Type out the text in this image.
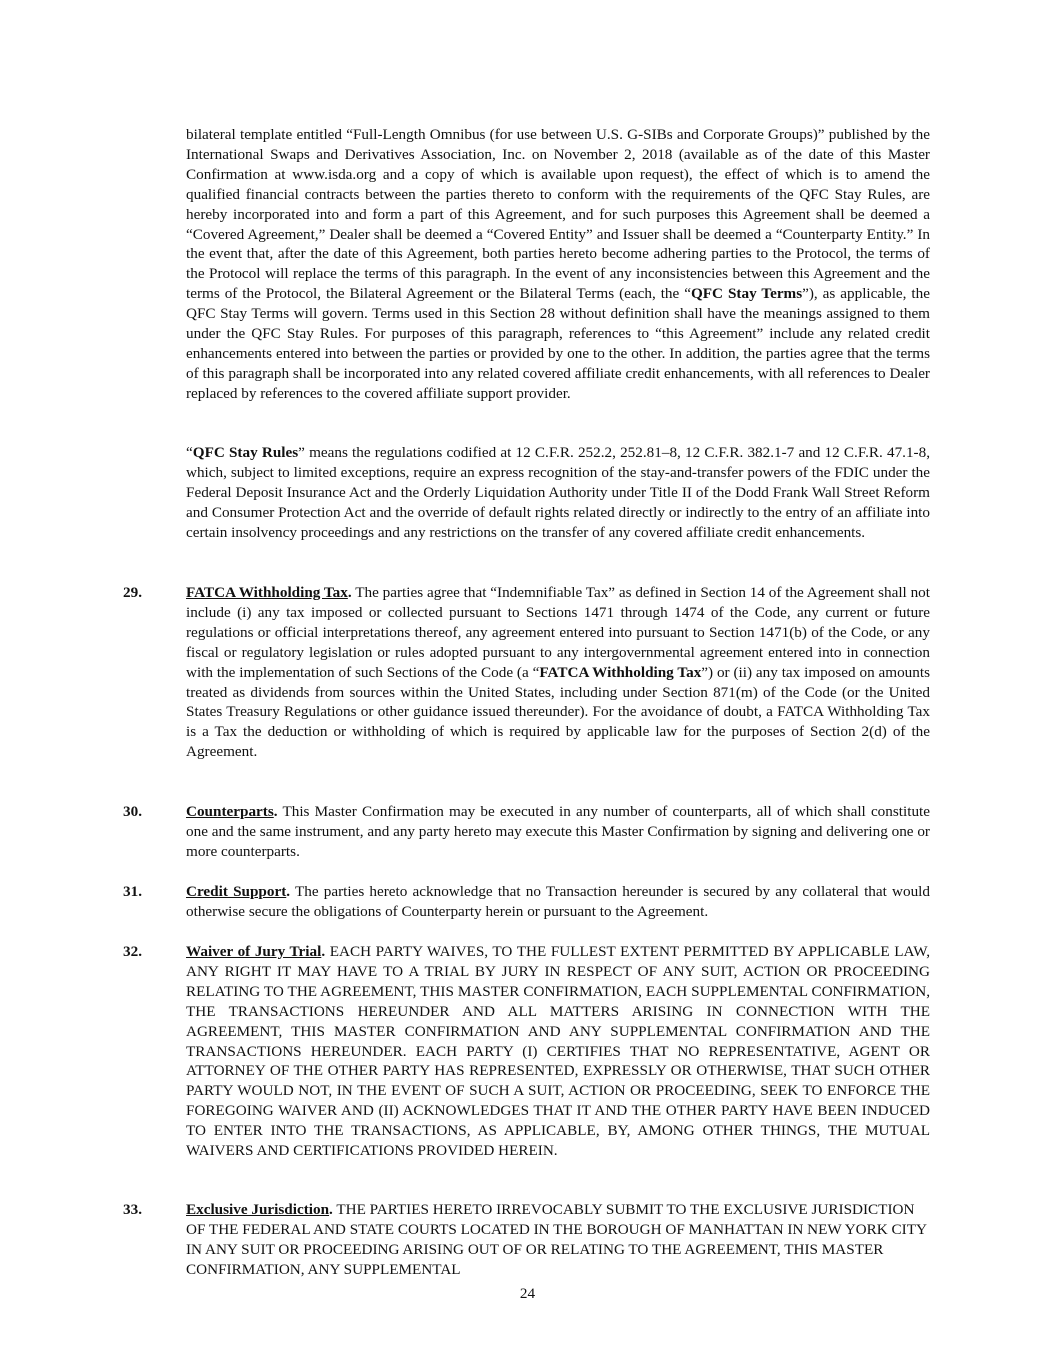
bilateral template entitled “Full-Length Omnibus (for use between U.S. G-SIBs and Corporate Groups)” published by the International Swaps and Derivatives Association, Inc. on November 2, 2018 (available as of the date of this Master Confirmation at www.isda.org and a copy of which is available upon request), the effect of which is to amend the qualified financial contracts between the parties thereto to conform with the requirements of the QFC Stay Rules, are hereby incorporated into and form a part of this Agreement, and for such purposes this Agreement shall be deemed a “Covered Agreement,” Dealer shall be deemed a “Covered Entity” and Issuer shall be deemed a “Counterparty Entity.” In the event that, after the date of this Agreement, both parties hereto become adhering parties to the Protocol, the terms of the Protocol will replace the terms of this paragraph. In the event of any inconsistencies between this Agreement and the terms of the Protocol, the Bilateral Agreement or the Bilateral Terms (each, the “QFC Stay Terms”), as applicable, the QFC Stay Terms will govern. Terms used in this Section 28 without definition shall have the meanings assigned to them under the QFC Stay Rules. For purposes of this paragraph, references to “this Agreement” include any related credit enhancements entered into between the parties or provided by one to the other. In addition, the parties agree that the terms of this paragraph shall be incorporated into any related covered affiliate credit enhancements, with all references to Dealer replaced by references to the covered affiliate support provider.

“QFC Stay Rules” means the regulations codified at 12 C.F.R. 252.2, 252.81–8, 12 C.F.R. 382.1-7 and 12 C.F.R. 47.1-8, which, subject to limited exceptions, require an express recognition of the stay-and-transfer powers of the FDIC under the Federal Deposit Insurance Act and the Orderly Liquidation Authority under Title II of the Dodd Frank Wall Street Reform and Consumer Protection Act and the override of default rights related directly or indirectly to the entry of an affiliate into certain insolvency proceedings and any restrictions on the transfer of any covered affiliate credit enhancements.

29.	FATCA Withholding Tax. The parties agree that “Indemnifiable Tax” as defined in Section 14 of the Agreement shall not include (i) any tax imposed or collected pursuant to Sections 1471 through 1474 of the Code, any current or future regulations or official interpretations thereof, any agreement entered into pursuant to Section 1471(b) of the Code, or any fiscal or regulatory legislation or rules adopted pursuant to any intergovernmental agreement entered into in connection with the implementation of such Sections of the Code (a “FATCA Withholding Tax”) or (ii) any tax imposed on amounts treated as dividends from sources within the United States, including under Section 871(m) of the Code (or the United States Treasury Regulations or other guidance issued thereunder). For the avoidance of doubt, a FATCA Withholding Tax is a Tax the deduction or withholding of which is required by applicable law for the purposes of Section 2(d) of the Agreement.

30.	Counterparts. This Master Confirmation may be executed in any number of counterparts, all of which shall constitute one and the same instrument, and any party hereto may execute this Master Confirmation by signing and delivering one or more counterparts.

31.	Credit Support. The parties hereto acknowledge that no Transaction hereunder is secured by any collateral that would otherwise secure the obligations of Counterparty herein or pursuant to the Agreement.

32.	Waiver of Jury Trial. EACH PARTY WAIVES, TO THE FULLEST EXTENT PERMITTED BY APPLICABLE LAW, ANY RIGHT IT MAY HAVE TO A TRIAL BY JURY IN RESPECT OF ANY SUIT, ACTION OR PROCEEDING RELATING TO THE AGREEMENT, THIS MASTER CONFIRMATION, EACH SUPPLEMENTAL CONFIRMATION, THE TRANSACTIONS HEREUNDER AND ALL MATTERS ARISING IN CONNECTION WITH THE AGREEMENT, THIS MASTER CONFIRMATION AND ANY SUPPLEMENTAL CONFIRMATION AND THE TRANSACTIONS HEREUNDER. EACH PARTY (I) CERTIFIES THAT NO REPRESENTATIVE, AGENT OR ATTORNEY OF THE OTHER PARTY HAS REPRESENTED, EXPRESSLY OR OTHERWISE, THAT SUCH OTHER PARTY WOULD NOT, IN THE EVENT OF SUCH A SUIT, ACTION OR PROCEEDING, SEEK TO ENFORCE THE FOREGOING WAIVER AND (II) ACKNOWLEDGES THAT IT AND THE OTHER PARTY HAVE BEEN INDUCED TO ENTER INTO THE TRANSACTIONS, AS APPLICABLE, BY, AMONG OTHER THINGS, THE MUTUAL WAIVERS AND CERTIFICATIONS PROVIDED HEREIN.

33.	Exclusive Jurisdiction. THE PARTIES HERETO IRREVOCABLY SUBMIT TO THE EXCLUSIVE JURISDICTION OF THE FEDERAL AND STATE COURTS LOCATED IN THE BOROUGH OF MANHATTAN IN NEW YORK CITY IN ANY SUIT OR PROCEEDING ARISING OUT OF OR RELATING TO THE AGREEMENT, THIS MASTER CONFIRMATION, ANY SUPPLEMENTAL

24
